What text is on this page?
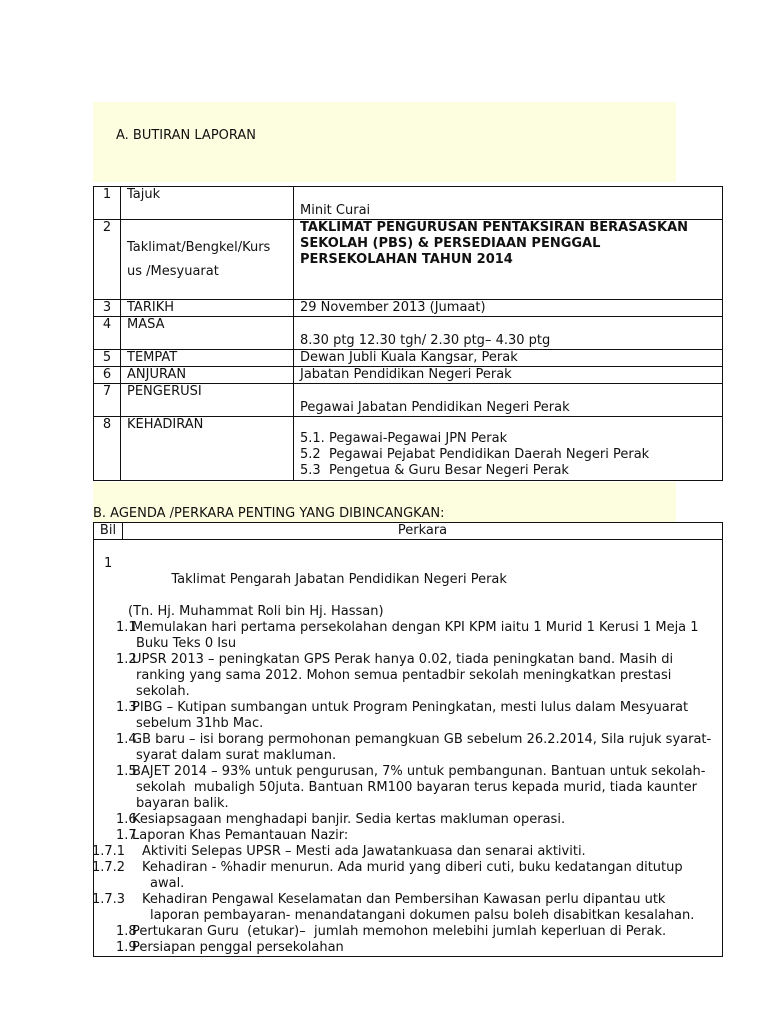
A. BUTIRAN LAPORAN
1	Tajuk	Minit Curai
2	Taklimat/Bengkel/Kurs us /Mesyuarat	TAKLIMAT PENGURUSAN PENTAKSIRAN BERASASKAN SEKOLAH (PBS) & PERSEDIAAN PENGGAL PERSEKOLAHAN TAHUN 2014
3	TARIKH	29 November 2013 (Jumaat)
4	MASA	8.30 ptg 12.30 tgh/ 2.30 ptg– 4.30 ptg
5	TEMPAT	Dewan Jubli Kuala Kangsar, Perak
6	ANJURAN	Jabatan Pendidikan Negeri Perak
7	PENGERUSI	Pegawai Jabatan Pendidikan Negeri Perak
8	KEHADIRAN	5.1. Pegawai-Pegawai JPN Perak
5.2  Pegawai Pejabat Pendidikan Daerah Negeri Perak
5.3  Pengetua & Guru Besar Negeri Perak
B. AGENDA /PERKARA PENTING YANG DIBINCANGKAN:
Bil	Perkara

1

Taklimat Pengarah Jabatan Pendidikan Negeri Perak

(Tn. Hj. Muhammat Roli bin Hj. Hassan)
1.1
Memulakan hari pertama persekolahan dengan KPI KPM iaitu 1 Murid 1 Kerusi 1 Meja 1 Buku Teks 0 Isu
1.2
UPSR 2013 – peningkatan GPS Perak hanya 0.02, tiada peningkatan band. Masih di ranking yang sama 2012. Mohon semua pentadbir sekolah meningkatkan prestasi sekolah.
1.3
PIBG – Kutipan sumbangan untuk Program Peningkatan, mesti lulus dalam Mesyuarat  sebelum 31hb Mac.
1.4
GB baru – isi borang permohonan pemangkuan GB sebelum 26.2.2014, Sila rujuk syarat-syarat dalam surat makluman.
1.5
BAJET 2014 – 93% untuk pengurusan, 7% untuk pembangunan. Bantuan untuk sekolah-sekolah  mubaligh 50juta. Bantuan RM100 bayaran terus kepada murid, tiada kaunter bayaran balik.
1.6
Kesiapsagaan menghadapi banjir. Sedia kertas makluman operasi.
1.7
Laporan Khas Pemantauan Nazir:
1.7.1 Aktiviti Selepas UPSR – Mesti ada Jawatankuasa dan senarai aktiviti.
1.7.2 Kehadiran - %hadir menurun. Ada murid yang diberi cuti, buku kedatangan ditutup awal.
1.7.3 Kehadiran Pengawal Keselamatan dan Pembersihan Kawasan perlu dipantau utk laporan pembayaran- menandatangani dokumen palsu boleh disabitkan kesalahan.
1.8
Pertukaran Guru  (etukar)–  jumlah memohon melebihi jumlah keperluan di Perak.
1.9
Persiapan penggal persekolahan
